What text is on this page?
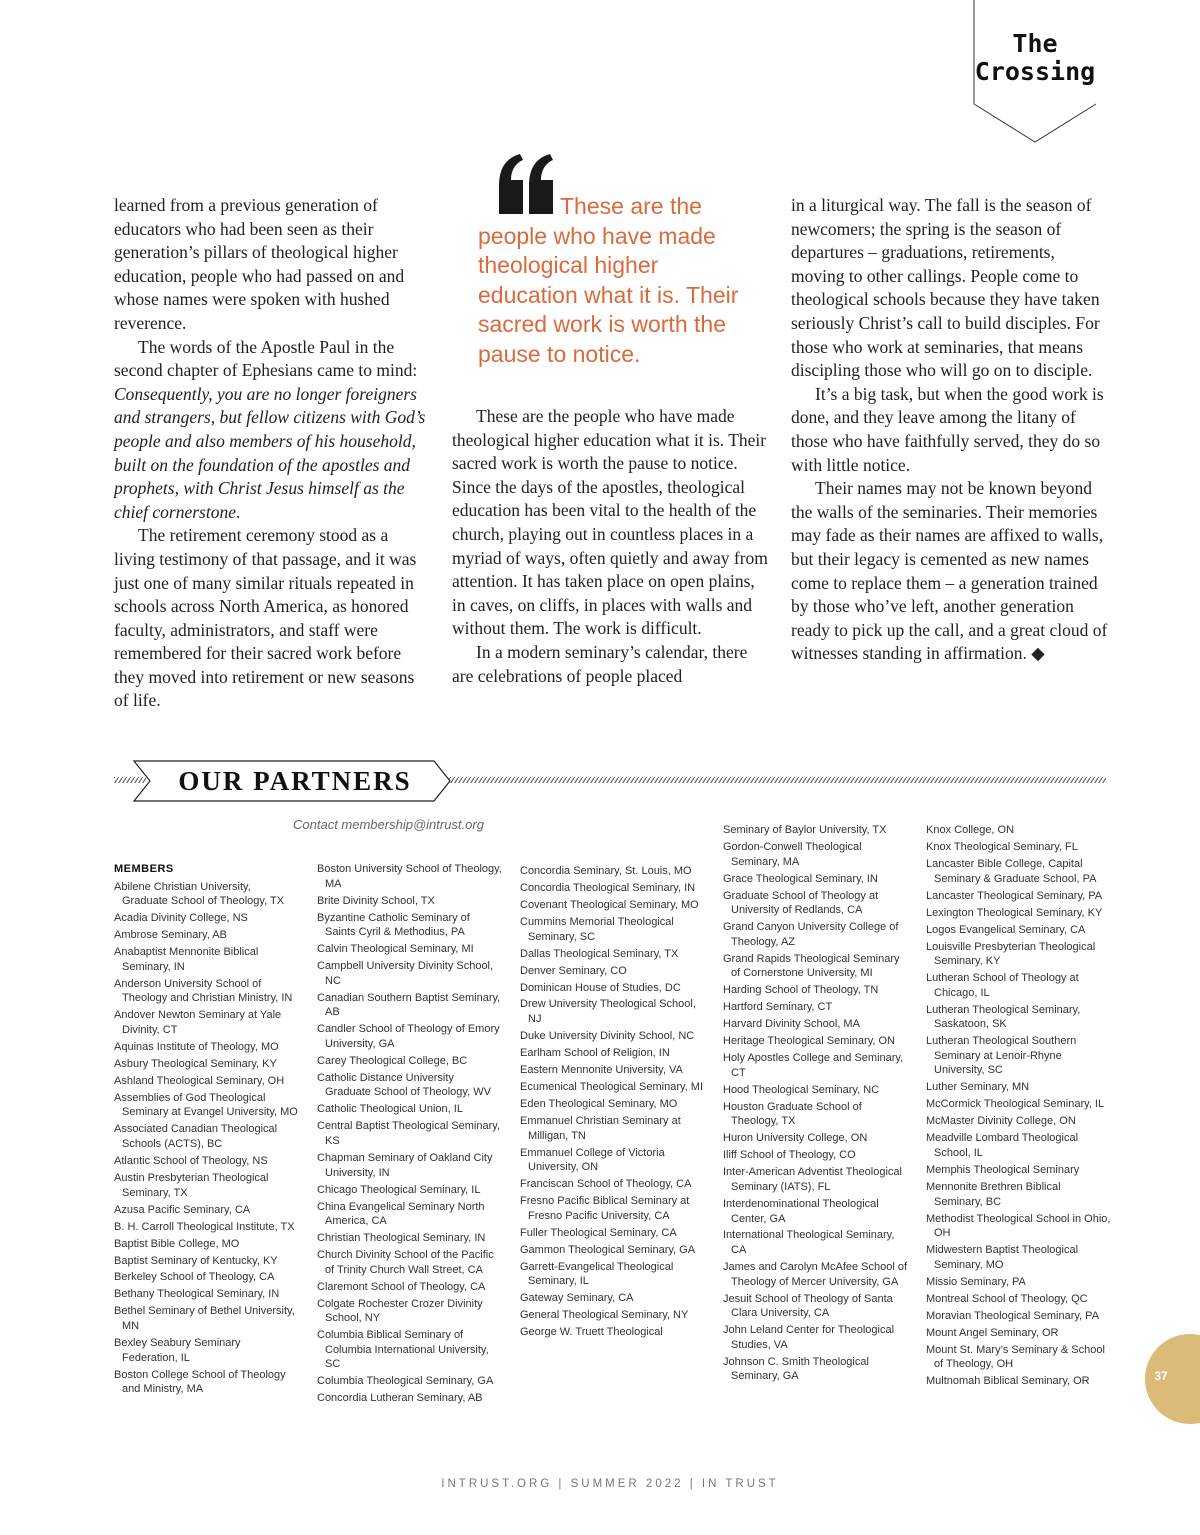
The
Crossing

learned from a previous generation of educators who had been seen as their generation’s pillars of theological higher education, people who had passed on and whose names were spoken with hushed reverence.

The words of the Apostle Paul in the second chapter of Ephesians came to mind: Consequently, you are no longer foreigners and strangers, but fellow citizens with God’s people and also members of his household, built on the foundation of the apostles and prophets, with Christ Jesus himself as the chief cornerstone.

The retirement ceremony stood as a living testimony of that passage, and it was just one of many similar rituals repeated in schools across North America, as honored faculty, administrators, and staff were remembered for their sacred work before they moved into retirement or new seasons of life.

These are the people who have made theological higher education what it is. Their sacred work is worth the pause to notice.

These are the people who have made theological higher education what it is. Their sacred work is worth the pause to notice. Since the days of the apostles, theological education has been vital to the health of the church, playing out in countless places in a myriad of ways, often quietly and away from attention. It has taken place on open plains, in caves, on cliffs, in places with walls and without them. The work is difficult.

In a modern seminary’s calendar, there are celebrations of people placed

in a liturgical way. The fall is the season of newcomers; the spring is the season of departures – graduations, retirements, moving to other callings. People come to theological schools because they have taken seriously Christ’s call to build disciples. For those who work at seminaries, that means discipling those who will go on to disciple.

It’s a big task, but when the good work is done, and they leave among the litany of those who have faithfully served, they do so with little notice.

Their names may not be known beyond the walls of the seminaries. Their memories may fade as their names are affixed to walls, but their legacy is cemented as new names come to replace them – a generation trained by those who’ve left, another generation ready to pick up the call, and a great cloud of witnesses standing in affirmation. ◆

OUR PARTNERS
Contact membership@intrust.org
MEMBERS
Abilene Christian University, Graduate School of Theology, TX
Acadia Divinity College, NS
Ambrose Seminary, AB
Anabaptist Mennonite Biblical Seminary, IN
Anderson University School of Theology and Christian Ministry, IN
Andover Newton Seminary at Yale Divinity, CT
Aquinas Institute of Theology, MO
Asbury Theological Seminary, KY
Ashland Theological Seminary, OH
Assemblies of God Theological Seminary at Evangel University, MO
Associated Canadian Theological Schools (ACTS), BC
Atlantic School of Theology, NS
Austin Presbyterian Theological Seminary, TX
Azusa Pacific Seminary, CA
B. H. Carroll Theological Institute, TX
Baptist Bible College, MO
Baptist Seminary of Kentucky, KY
Berkeley School of Theology, CA
Bethany Theological Seminary, IN
Bethel Seminary of Bethel University, MN
Bexley Seabury Seminary Federation, IL
Boston College School of Theology and Ministry, MA
Boston University School of Theology, MA
Brite Divinity School, TX
Byzantine Catholic Seminary of Saints Cyril & Methodius, PA
Calvin Theological Seminary, MI
Campbell University Divinity School, NC
Canadian Southern Baptist Seminary, AB
Candler School of Theology of Emory University, GA
Carey Theological College, BC
Catholic Distance University Graduate School of Theology, WV
Catholic Theological Union, IL
Central Baptist Theological Seminary, KS
Chapman Seminary of Oakland City University, IN
Chicago Theological Seminary, IL
China Evangelical Seminary North America, CA
Christian Theological Seminary, IN
Church Divinity School of the Pacific of Trinity Church Wall Street, CA
Claremont School of Theology, CA
Colgate Rochester Crozer Divinity School, NY
Columbia Biblical Seminary of Columbia International University, SC
Columbia Theological Seminary, GA
Concordia Lutheran Seminary, AB
Concordia Seminary, St. Louis, MO
Concordia Theological Seminary, IN
Covenant Theological Seminary, MO
Cummins Memorial Theological Seminary, SC
Dallas Theological Seminary, TX
Denver Seminary, CO
Dominican House of Studies, DC
Drew University Theological School, NJ
Duke University Divinity School, NC
Earlham School of Religion, IN
Eastern Mennonite University, VA
Ecumenical Theological Seminary, MI
Eden Theological Seminary, MO
Emmanuel Christian Seminary at Milligan, TN
Emmanuel College of Victoria University, ON
Franciscan School of Theology, CA
Fresno Pacific Biblical Seminary at Fresno Pacific University, CA
Fuller Theological Seminary, CA
Gammon Theological Seminary, GA
Garrett-Evangelical Theological Seminary, IL
Gateway Seminary, CA
General Theological Seminary, NY
George W. Truett Theological
Seminary of Baylor University, TX
Gordon-Conwell Theological Seminary, MA
Grace Theological Seminary, IN
Graduate School of Theology at University of Redlands, CA
Grand Canyon University College of Theology, AZ
Grand Rapids Theological Seminary of Cornerstone University, MI
Harding School of Theology, TN
Hartford Seminary, CT
Harvard Divinity School, MA
Heritage Theological Seminary, ON
Holy Apostles College and Seminary, CT
Hood Theological Seminary, NC
Houston Graduate School of Theology, TX
Huron University College, ON
Iliff School of Theology, CO
Inter-American Adventist Theological Seminary (IATS), FL
Interdenominational Theological Center, GA
International Theological Seminary, CA
James and Carolyn McAfee School of Theology of Mercer University, GA
Jesuit School of Theology of Santa Clara University, CA
John Leland Center for Theological Studies, VA
Johnson C. Smith Theological Seminary, GA
Knox College, ON
Knox Theological Seminary, FL
Lancaster Bible College, Capital Seminary & Graduate School, PA
Lancaster Theological Seminary, PA
Lexington Theological Seminary, KY
Logos Evangelical Seminary, CA
Louisville Presbyterian Theological Seminary, KY
Lutheran School of Theology at Chicago, IL
Lutheran Theological Seminary, Saskatoon, SK
Lutheran Theological Southern Seminary at Lenoir-Rhyne University, SC
Luther Seminary, MN
McCormick Theological Seminary, IL
McMaster Divinity College, ON
Meadville Lombard Theological School, IL
Memphis Theological Seminary
Mennonite Brethren Biblical Seminary, BC
Methodist Theological School in Ohio, OH
Midwestern Baptist Theological Seminary, MO
Missio Seminary, PA
Montreal School of Theology, QC
Moravian Theological Seminary, PA
Mount Angel Seminary, OR
Mount St. Mary’s Seminary & School of Theology, OH
Multnomah Biblical Seminary, OR	37
INTRUST.ORG | SUMMER 2022 | IN TRUST
